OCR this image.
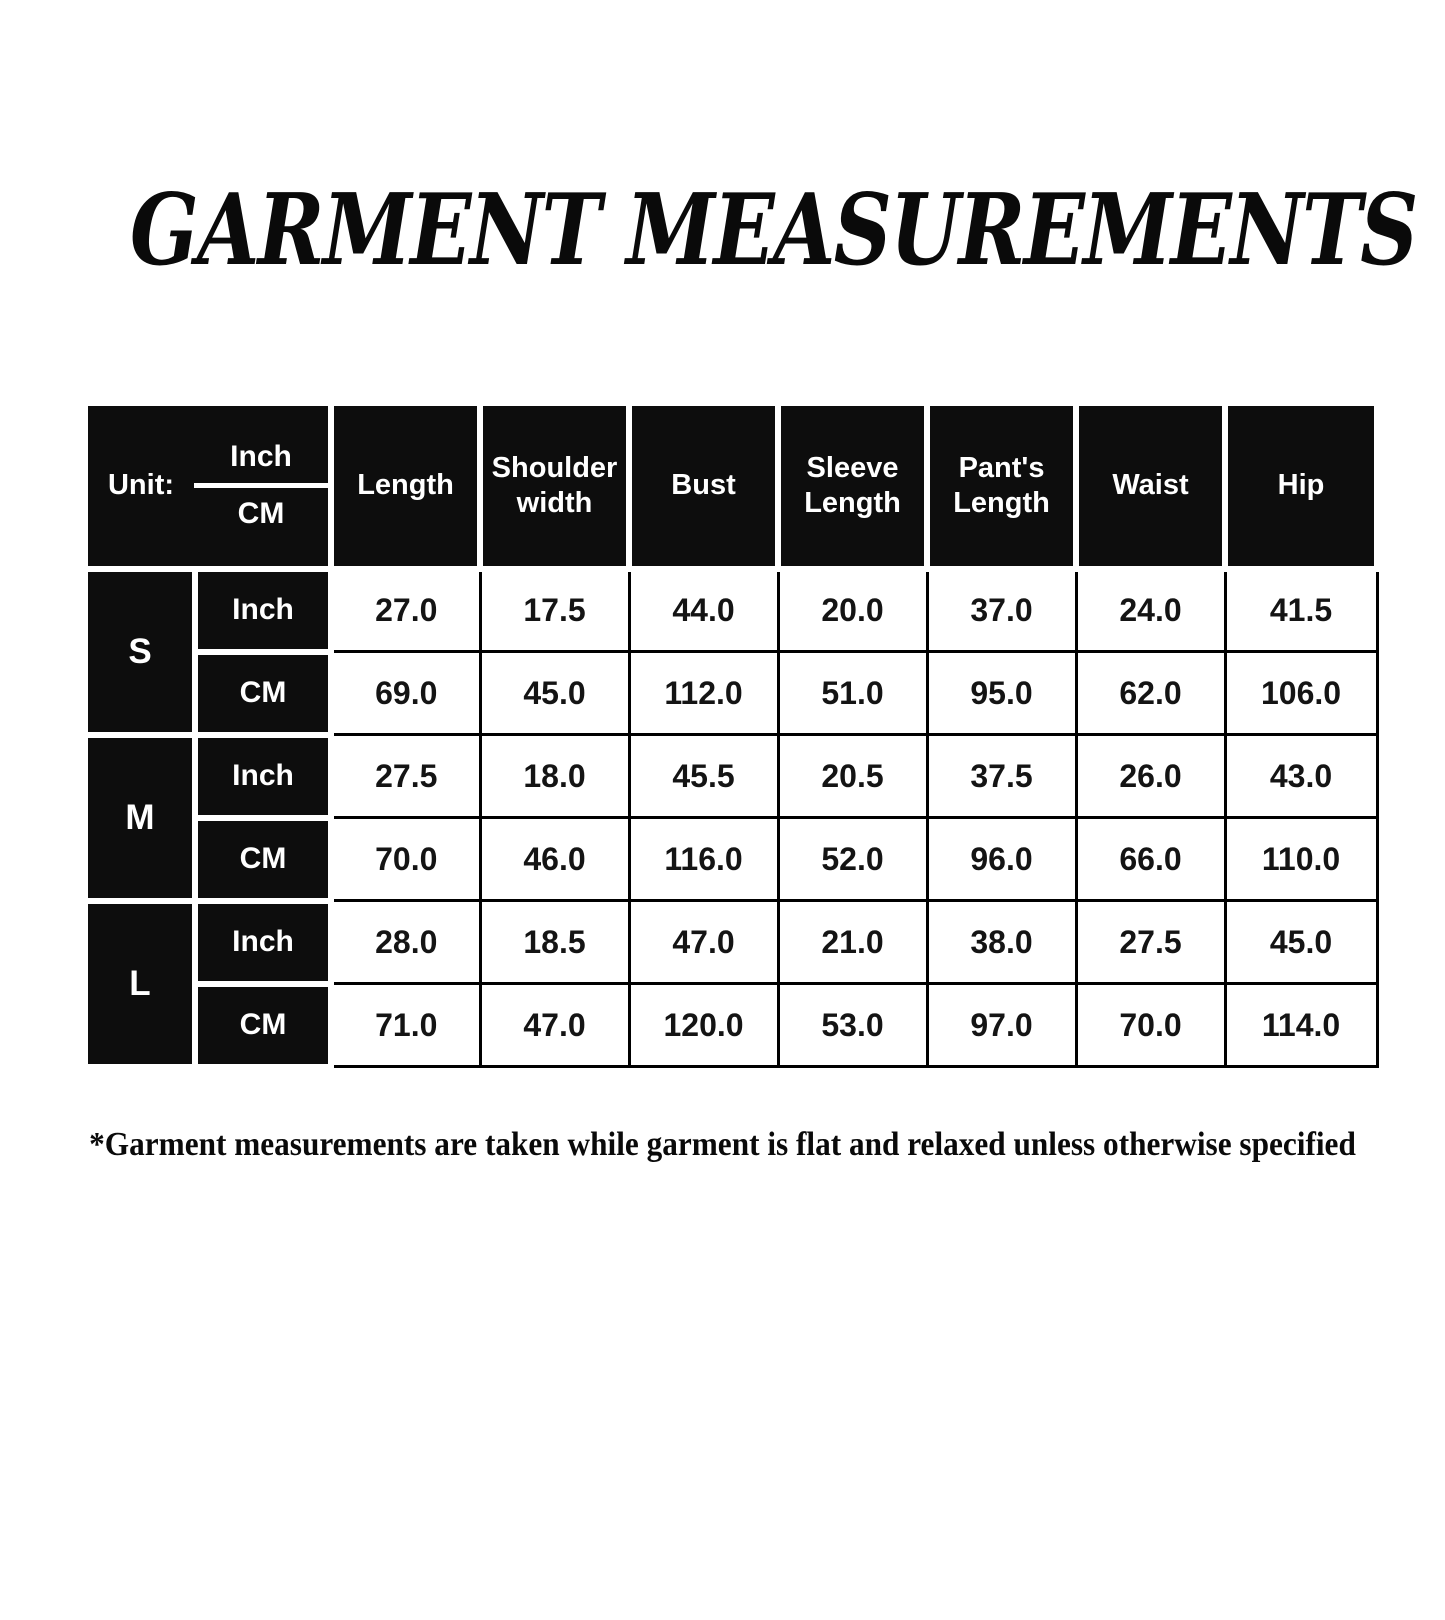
GARMENT MEASUREMENTS
Unit: $\frac{\text{Inch}}{CM}$		Length	Shoulder width	Bust	Sleeve Length	Pant's Length	Waist	Hip
S	Inch	27.0	17.5	44.0	20.0	37.0	24.0	41.5
	CM	69.0	45.0	112.0	51.0	95.0	62.0	106.0
M	Inch	27.5	18.0	45.5	20.5	37.5	26.0	43.0
	CM	70.0	46.0	116.0	52.0	96.0	66.0	110.0
L	Inch	28.0	18.5	47.0	21.0	38.0	27.5	45.0
	CM	71.0	47.0	120.0	53.0	97.0	70.0	114.0

*Garment measurements are taken while garment is flat and relaxed unless otherwise specified
